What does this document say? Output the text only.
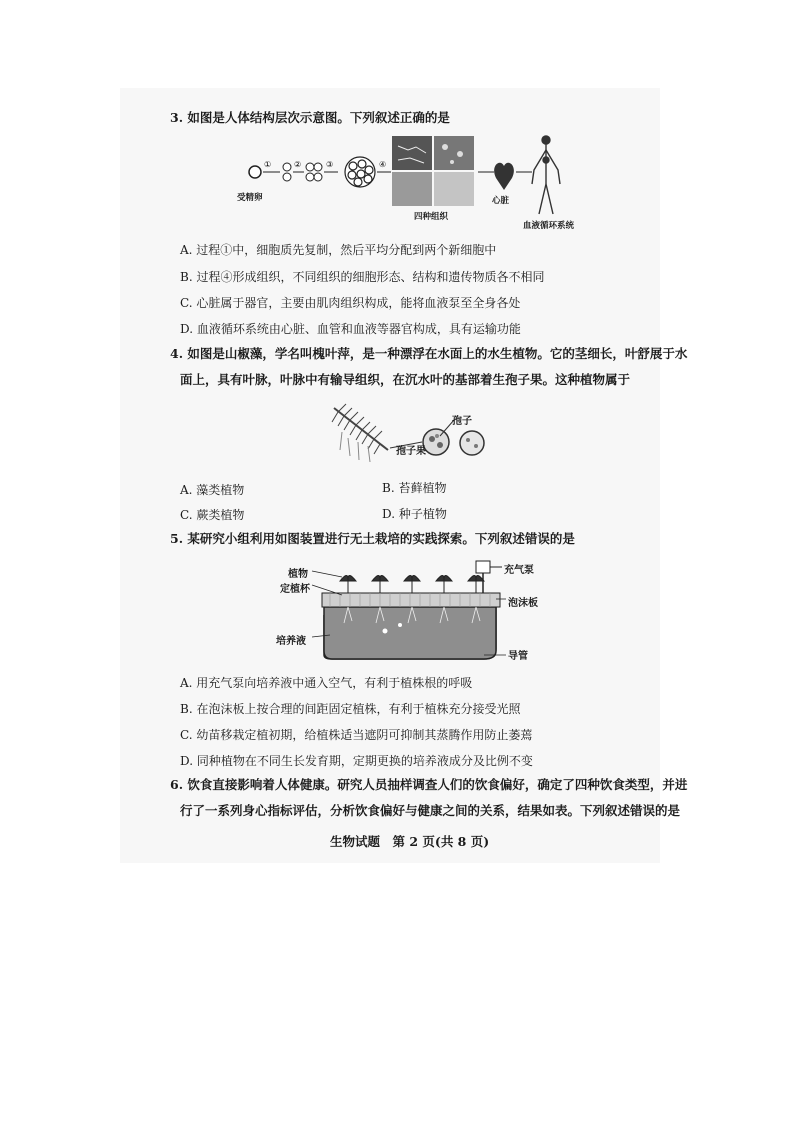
3. 如图是人体结构层次示意图。下列叙述正确的是
①	②	③	④
受精卵
四种组织
心脏
血液循环系统
A. 过程①中，细胞质先复制，然后平均分配到两个新细胞中
B. 过程④形成组织，不同组织的细胞形态、结构和遗传物质各不相同
C. 心脏属于器官，主要由肌肉组织构成，能将血液泵至全身各处
D. 血液循环系统由心脏、血管和血液等器官构成，具有运输功能
4. 如图是山椒藻，学名叫槐叶萍，是一种漂浮在水面上的水生植物。它的茎细长，叶舒展于水
面上，具有叶脉，叶脉中有输导组织，在沉水叶的基部着生孢子果。这种植物属于
孢子果
孢子
A. 藻类植物	B. 苔藓植物
C. 蕨类植物	D. 种子植物
5. 某研究小组利用如图装置进行无土栽培的实践探索。下列叙述错误的是
植物
定植杯
培养液
充气泵
泡沫板
导管
A. 用充气泵向培养液中通入空气，有利于植株根的呼吸
B. 在泡沫板上按合理的间距固定植株，有利于植株充分接受光照
C. 幼苗移栽定植初期，给植株适当遮阴可抑制其蒸腾作用防止萎蔫
D. 同种植物在不同生长发育期，定期更换的培养液成分及比例不变
6. 饮食直接影响着人体健康。研究人员抽样调查人们的饮食偏好，确定了四种饮食类型，并进
行了一系列身心指标评估，分析饮食偏好与健康之间的关系，结果如表。下列叙述错误的是
生物试题　第 2 页(共 8 页)
